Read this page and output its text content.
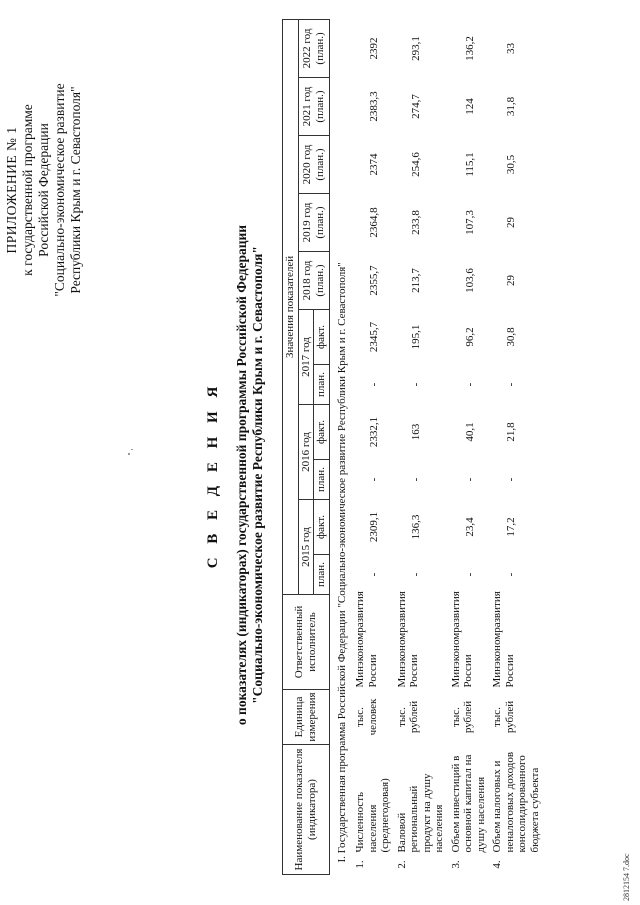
ПРИЛОЖЕНИЕ № 1 к государственной программе Российской Федерации "Социально-экономическое развитие Республики Крым и г. Севастополя"
С В Е Д Е Н И Я о показателях (индикаторах) государственной программы Российской Федерации "Социально-экономическое развитие Республики Крым и г. Севастополя"
Наименование показателя (индикатора)		Единица измерения	Ответственный исполнитель	Значения показателей										
				2015 год		2016 год		2017 год		2018 год (план.)	2019 год (план.)	2020 год (план.)	2021 год (план.)	2022 год (план.)
				план.	факт.	план.	факт.	план.	факт.					
I. Государственная программа Российской Федерации "Социально-экономическое развитие Республики Крым и г. Севастополя"														
1.	Численность населения (среднегодовая)	тыс. человек	Минэкономразвития России	-	2309,1	-	2332,1	-	2345,7	2355,7	2364,8	2374	2383,3	2392
2.	Валовой региональный продукт на душу населения	тыс. рублей	Минэкономразвития России	-	136,3	-	163	-	195,1	213,7	233,8	254,6	274,7	293,1
3.	Объем инвестиций в основной капитал на душу населения	тыс. рублей	Минэкономразвития России	-	23,4	-	40,1	-	96,2	103,6	107,3	115,1	124	136,2
4.	Объем налоговых и неналоговых доходов консолидированного бюджета субъекта	тыс. рублей	Минэкономразвития России	-	17,2	-	21,8	-	30,8	29	29	30,5	31,8	33
2812154 7.doc
